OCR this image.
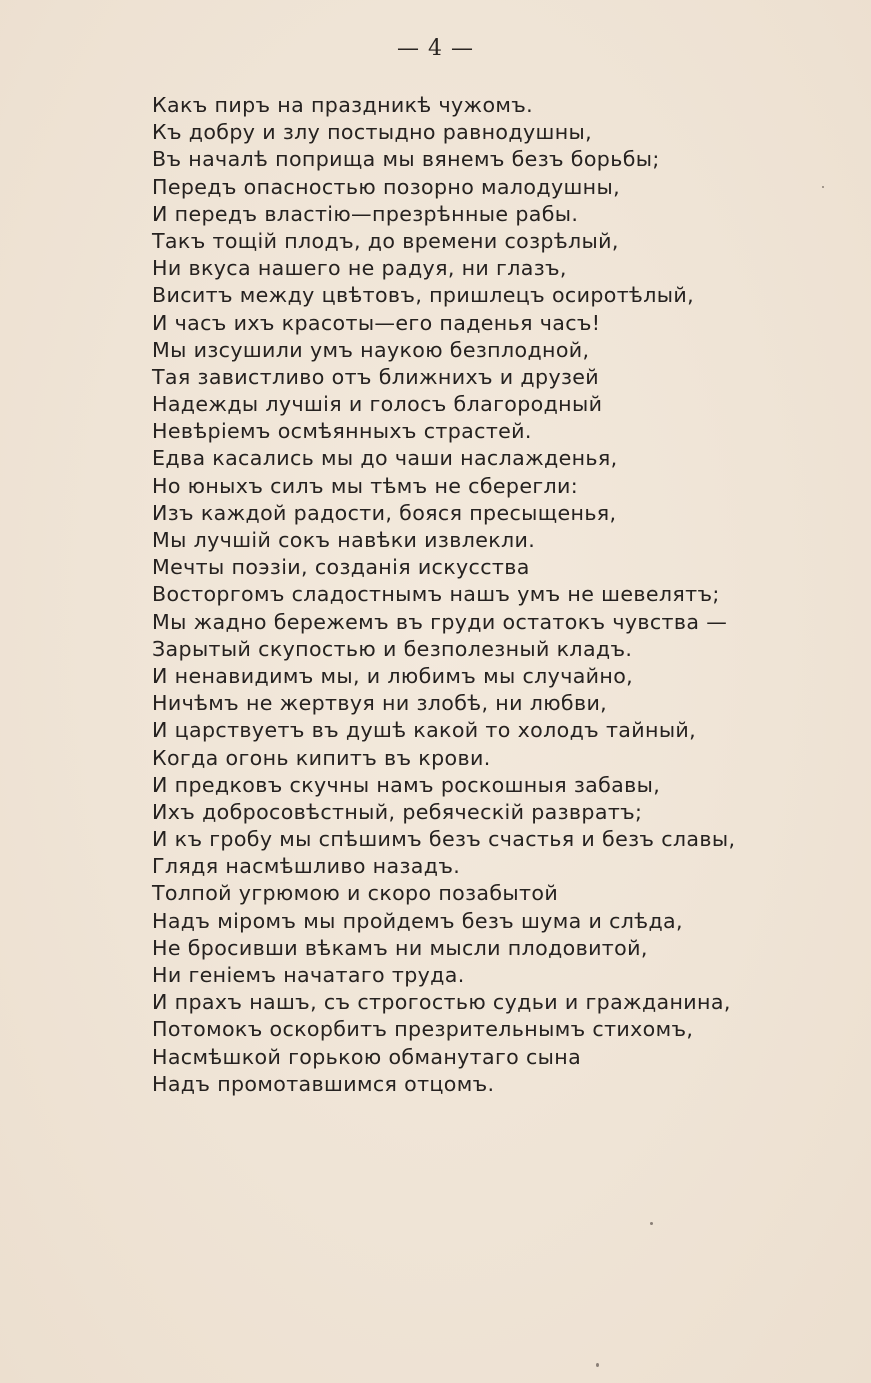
— 4 —
Какъ пиръ на праздникѣ чужомъ.
Къ добру и злу постыдно равнодушны,
Въ началѣ поприща мы вянемъ безъ борьбы;
Передъ опасностью позорно малодушны,
И передъ властію—презрѣнные рабы.
Такъ тощій плодъ, до времени созрѣлый,
Ни вкуса нашего не радуя, ни глазъ,
Виситъ между цвѣтовъ, пришлецъ осиротѣлый,
И часъ ихъ красоты—его паденья часъ!
Мы изсушили умъ наукою безплодной,
Тая завистливо отъ ближнихъ и друзей
Надежды лучшія и голосъ благородный
Невѣріемъ осмѣянныхъ страстей.
Едва касались мы до чаши наслажденья,
Но юныхъ силъ мы тѣмъ не сберегли:
Изъ каждой радости, бояся пресыщенья,
Мы лучшій сокъ навѣки извлекли.
Мечты поэзіи, созданія искусства
Восторгомъ сладостнымъ нашъ умъ не шевелятъ;
Мы жадно бережемъ въ груди остатокъ чувства —
Зарытый скупостью и безполезный кладъ.
И ненавидимъ мы, и любимъ мы случайно,
Ничѣмъ не жертвуя ни злобѣ, ни любви,
И царствуетъ въ душѣ какой то холодъ тайный,
Когда огонь кипитъ въ крови.
И предковъ скучны намъ роскошныя забавы,
Ихъ добросовѣстный, ребяческій развратъ;
И къ гробу мы спѣшимъ безъ счастья и безъ славы,
Глядя насмѣшливо назадъ.
Толпой угрюмою и скоро позабытой
Надъ міромъ мы пройдемъ безъ шума и слѣда,
Не бросивши вѣкамъ ни мысли плодовитой,
Ни геніемъ начатаго труда.
И прахъ нашъ, съ строгостью судьи и гражданина,
Потомокъ оскорбитъ презрительнымъ стихомъ,
Насмѣшкой горькою обманутаго сына
Надъ промотавшимся отцомъ.
